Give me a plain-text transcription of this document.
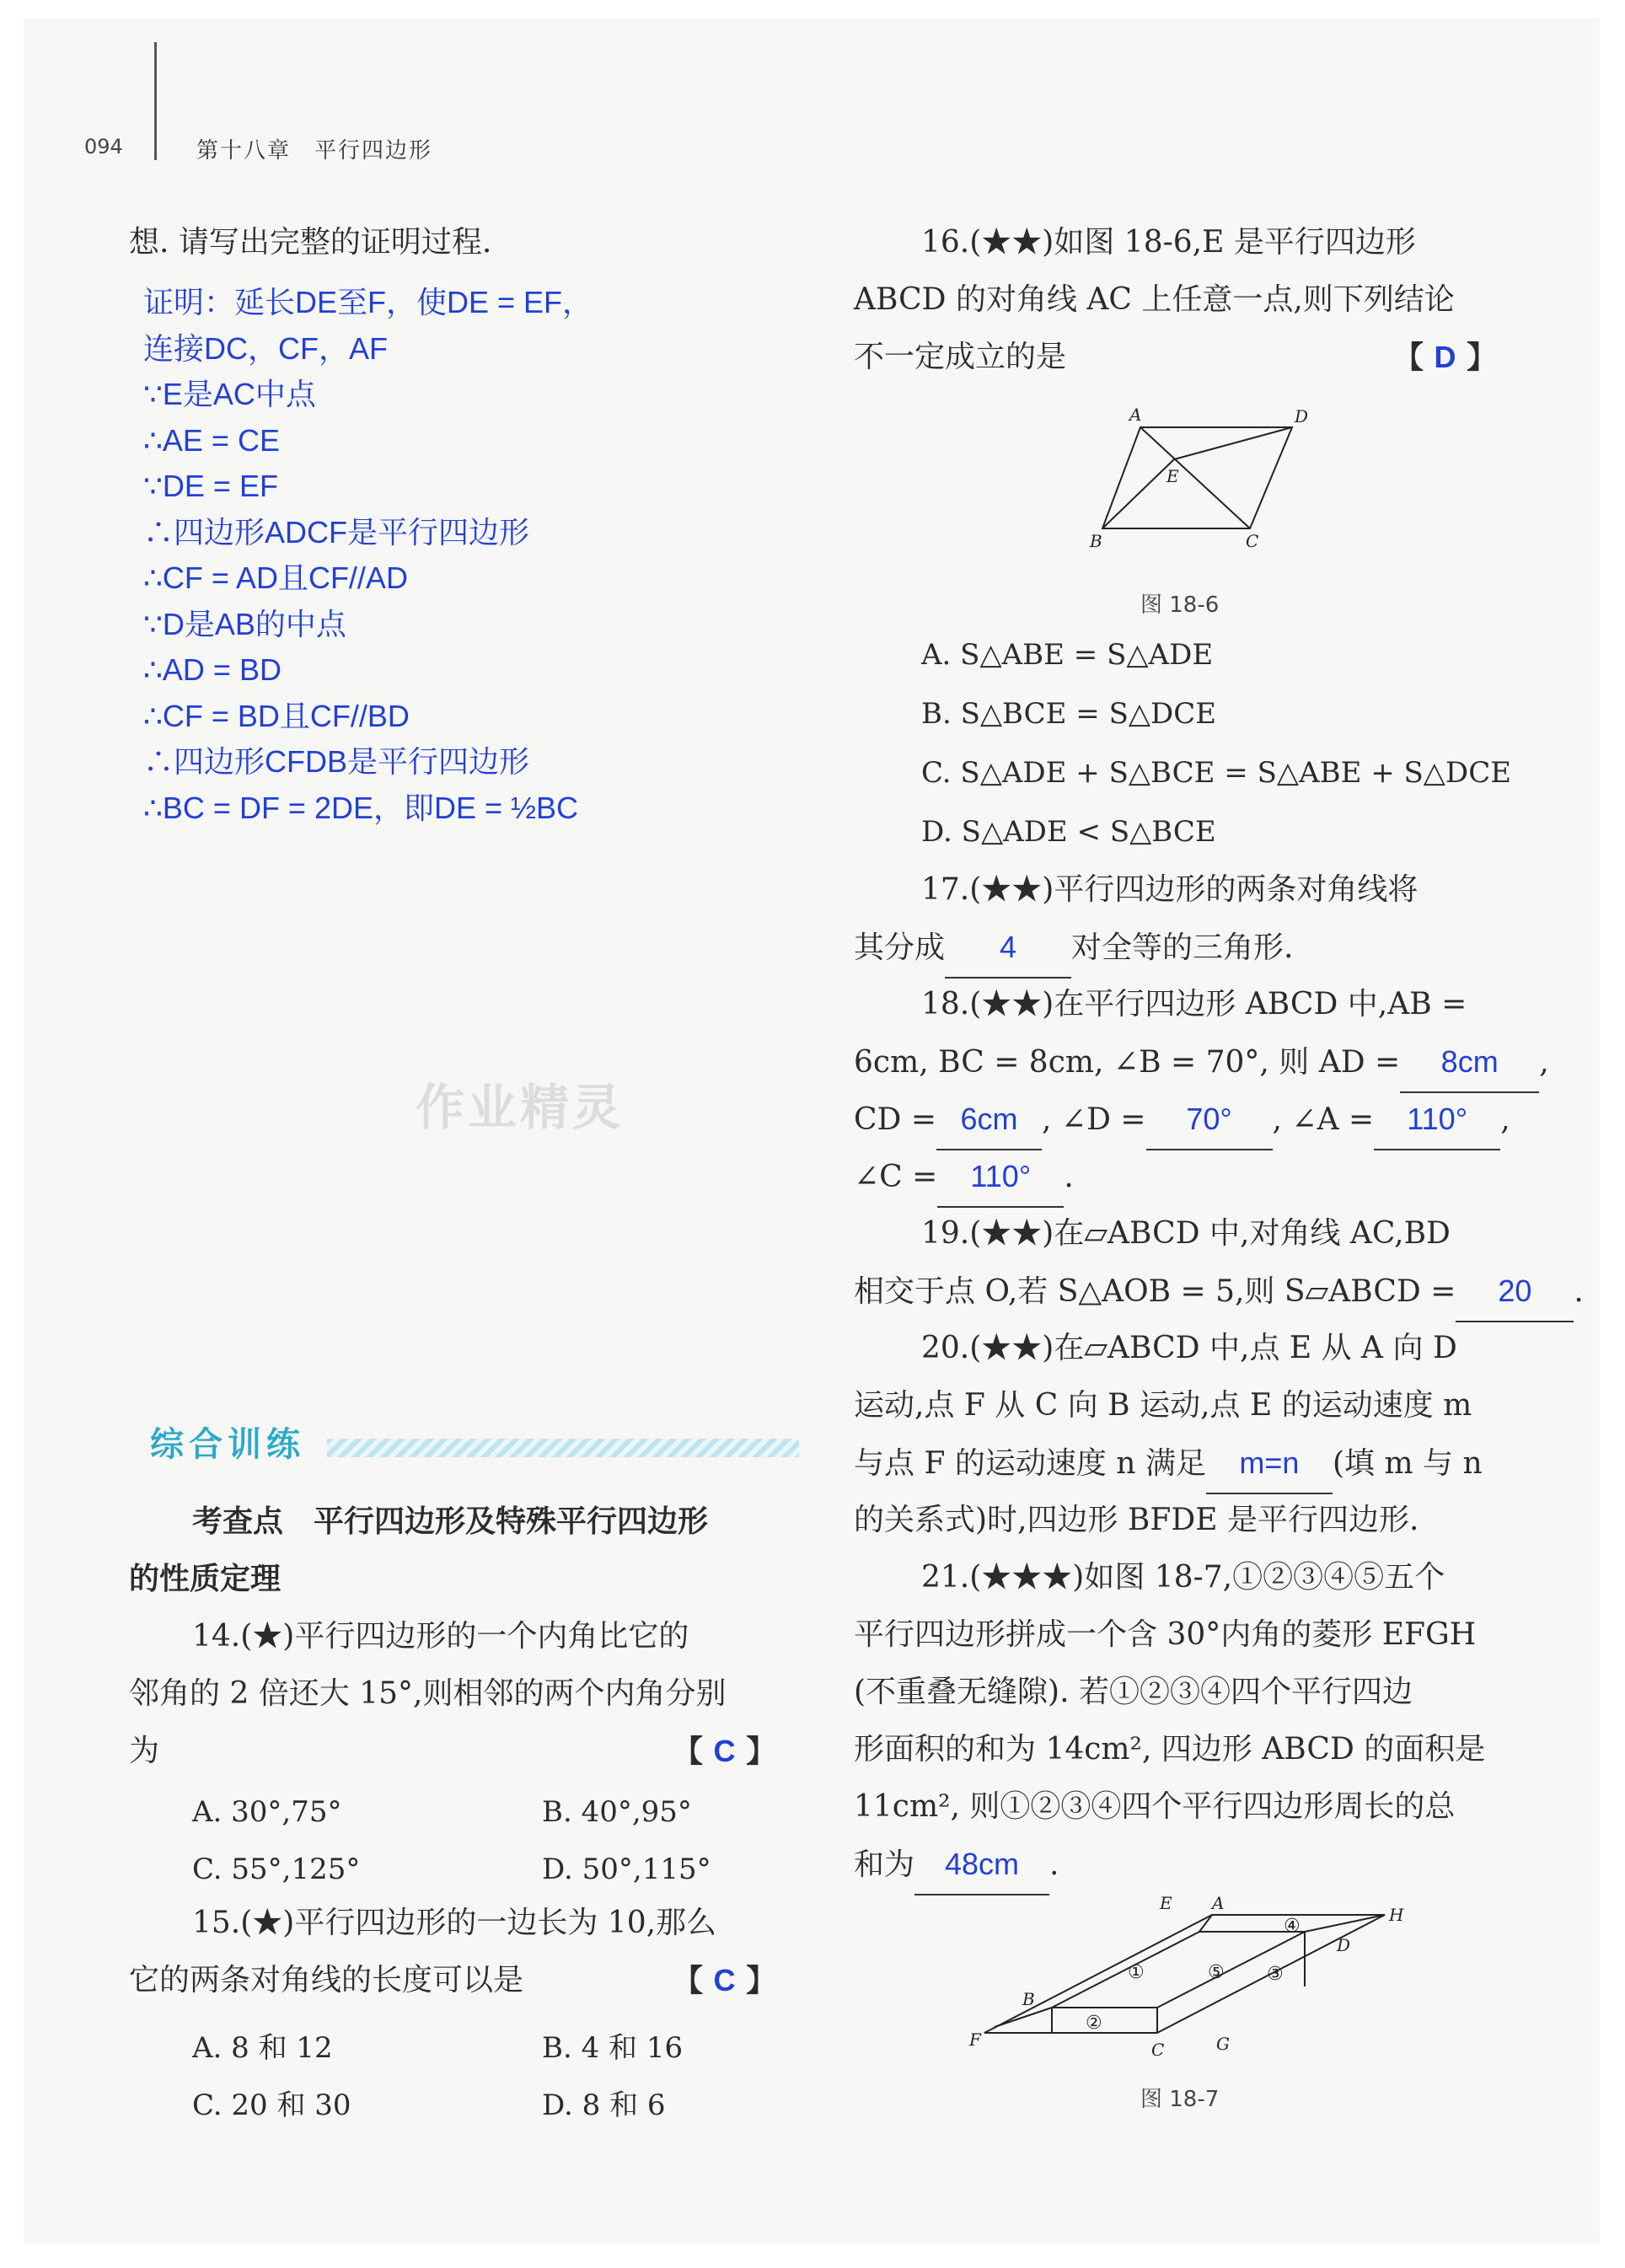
094	第十八章　平行四边形
想. 请写出完整的证明过程.
证明：延长DE至F，使DE = EF，
连接DC，CF，AF
∵E是AC中点
∴AE = CE
∵DE = EF
∴四边形ADCF是平行四边形
∴CF = AD且CF//AD
∵D是AB的中点
∴AD = BD
∴CF = BD且CF//BD
∴四边形CFDB是平行四边形
∴BC = DF = 2DE，即DE = ½BC
作业精灵
综合训练
考查点　平行四边形及特殊平行四边形
的性质定理
14.(★)平行四边形的一个内角比它的
邻角的 2 倍还大 15°,则相邻的两个内角分别
为	【 C 】
A. 30°,75°	B. 40°,95°
C. 55°,125°	D. 50°,115°
15.(★)平行四边形的一边长为 10,那么
它的两条对角线的长度可以是	【 C 】
A. 8 和 12	B. 4 和 16
C. 20 和 30	D. 8 和 6
16.(★★)如图 18-6,E 是平行四边形
ABCD 的对角线 AC 上任意一点,则下列结论
不一定成立的是	【 D 】
A	D
E
B	C
图 18-6
A. S△ABE = S△ADE
B. S△BCE = S△DCE
C. S△ADE + S△BCE = S△ABE + S△DCE
D. S△ADE < S△BCE
17.(★★)平行四边形的两条对角线将
其分成 4 对全等的三角形.
18.(★★)在平行四边形 ABCD 中,AB =
6cm, BC = 8cm, ∠B = 70°, 则 AD = 8cm ,
CD = 6cm , ∠D = 70° , ∠A = 110° ,
∠C = 110° .
19.(★★)在▱ABCD 中,对角线 AC,BD
相交于点 O,若 S△AOB = 5,则 S▱ABCD = 20 .
20.(★★)在▱ABCD 中,点 E 从 A 向 D
运动,点 F 从 C 向 B 运动,点 E 的运动速度 m
与点 F 的运动速度 n 满足 m=n (填 m 与 n
的关系式)时,四边形 BFDE 是平行四边形.
21.(★★★)如图 18-7,①②③④⑤五个
平行四边形拼成一个含 30°内角的菱形 EFGH
(不重叠无缝隙). 若①②③④四个平行四边
形面积的和为 14cm², 四边形 ABCD 的面积是
11cm², 则①②③④四个平行四边形周长的总
和为 48cm .
E A
H
D
B
F	C	G
④
①	⑤ ③
②
图 18-7
